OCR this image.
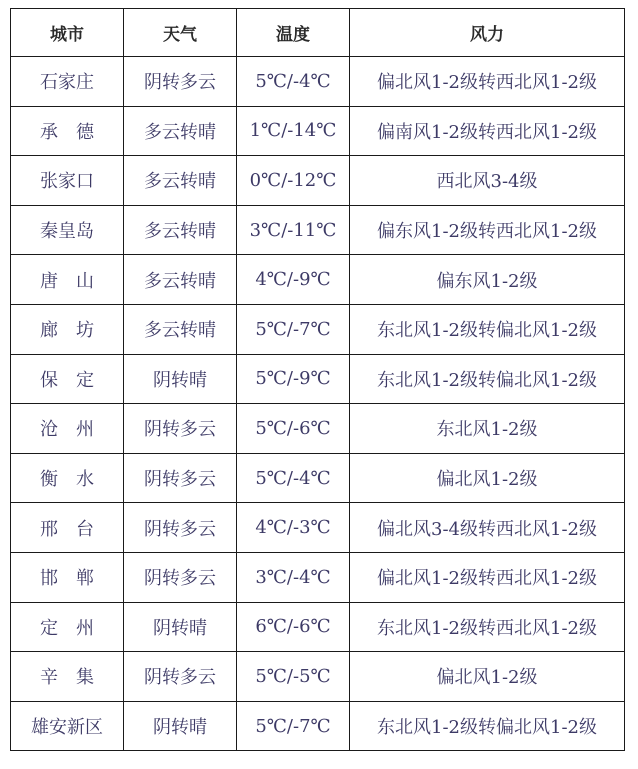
城市	天气	温度	风力
石家庄	阴转多云	5℃/-4℃	偏北风1-2级转西北风1-2级
承　德	多云转晴	1℃/-14℃	偏南风1-2级转西北风1-2级
张家口	多云转晴	0℃/-12℃	西北风3-4级
秦皇岛	多云转晴	3℃/-11℃	偏东风1-2级转西北风1-2级
唐　山	多云转晴	4℃/-9℃	偏东风1-2级
廊　坊	多云转晴	5℃/-7℃	东北风1-2级转偏北风1-2级
保　定	阴转晴	5℃/-9℃	东北风1-2级转偏北风1-2级
沧　州	阴转多云	5℃/-6℃	东北风1-2级
衡　水	阴转多云	5℃/-4℃	偏北风1-2级
邢　台	阴转多云	4℃/-3℃	偏北风3-4级转西北风1-2级
邯　郸	阴转多云	3℃/-4℃	偏北风1-2级转西北风1-2级
定　州	阴转晴	6℃/-6℃	东北风1-2级转西北风1-2级
辛　集	阴转多云	5℃/-5℃	偏北风1-2级
雄安新区	阴转晴	5℃/-7℃	东北风1-2级转偏北风1-2级
